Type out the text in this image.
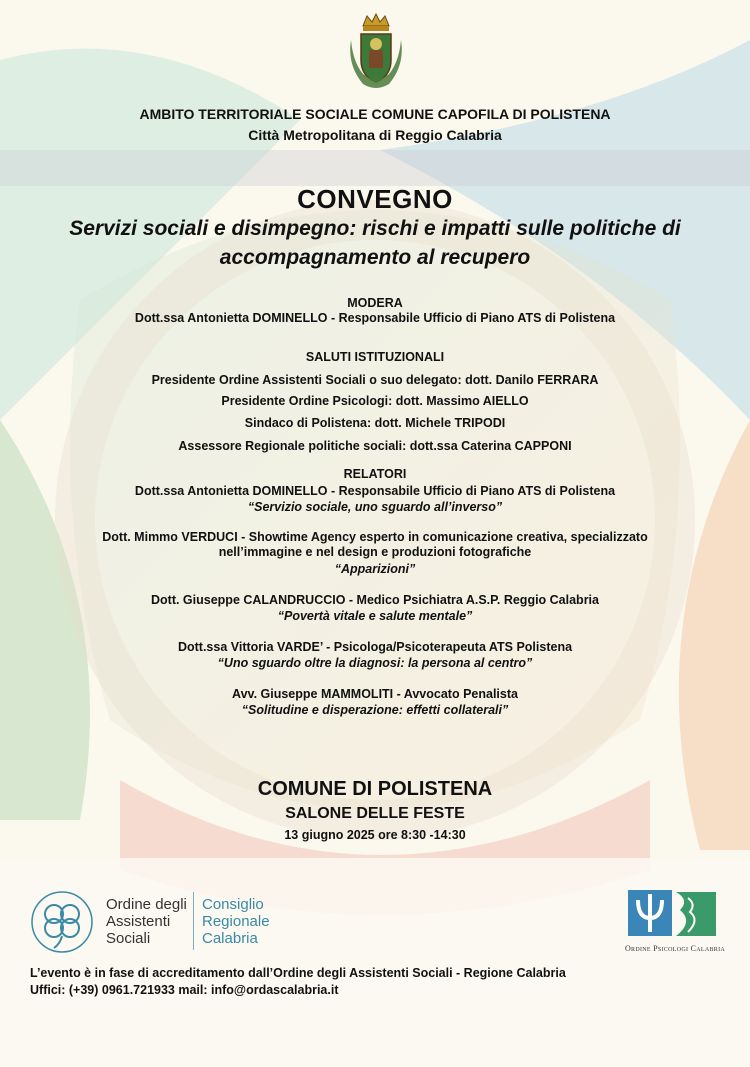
AMBITO TERRITORIALE SOCIALE COMUNE CAPOFILA DI POLISTENA
Città Metropolitana di Reggio Calabria
CONVEGNO
Servizi sociali e disimpegno: rischi e impatti sulle politiche di accompagnamento al recupero
MODERA
Dott.ssa Antonietta DOMINELLO - Responsabile Ufficio di Piano ATS di Polistena
SALUTI ISTITUZIONALI
Presidente Ordine Assistenti Sociali o suo delegato: dott. Danilo FERRARA
Presidente Ordine Psicologi: dott. Massimo AIELLO
Sindaco di Polistena: dott. Michele TRIPODI
Assessore Regionale politiche sociali: dott.ssa Caterina CAPPONI
RELATORI
Dott.ssa Antonietta DOMINELLO - Responsabile Ufficio di Piano ATS di Polistena
“Servizio sociale, uno sguardo all’inverso”
Dott. Mimmo VERDUCI - Showtime Agency esperto in comunicazione creativa, specializzato nell’immagine e nel design e produzioni fotografiche
“Apparizioni”
Dott. Giuseppe CALANDRUCCIO - Medico Psichiatra A.S.P. Reggio Calabria
“Povertà vitale e salute mentale”
Dott.ssa Vittoria VARDE’ - Psicologa/Psicoterapeuta ATS Polistena
“Uno sguardo oltre la diagnosi: la persona al centro”
Avv. Giuseppe MAMMOLITI - Avvocato Penalista
“Solitudine e disperazione: effetti collaterali”
COMUNE DI POLISTENA
SALONE DELLE FESTE
13 giugno 2025 ore 8:30 -14:30
Ordine degli
Assistenti
Sociali
Consiglio
Regionale
Calabria
Ordine Psicologi Calabria
L’evento è in fase di accreditamento dall’Ordine degli Assistenti Sociali - Regione Calabria
Uffici: (+39) 0961.721933 mail: info@ordascalabria.it
